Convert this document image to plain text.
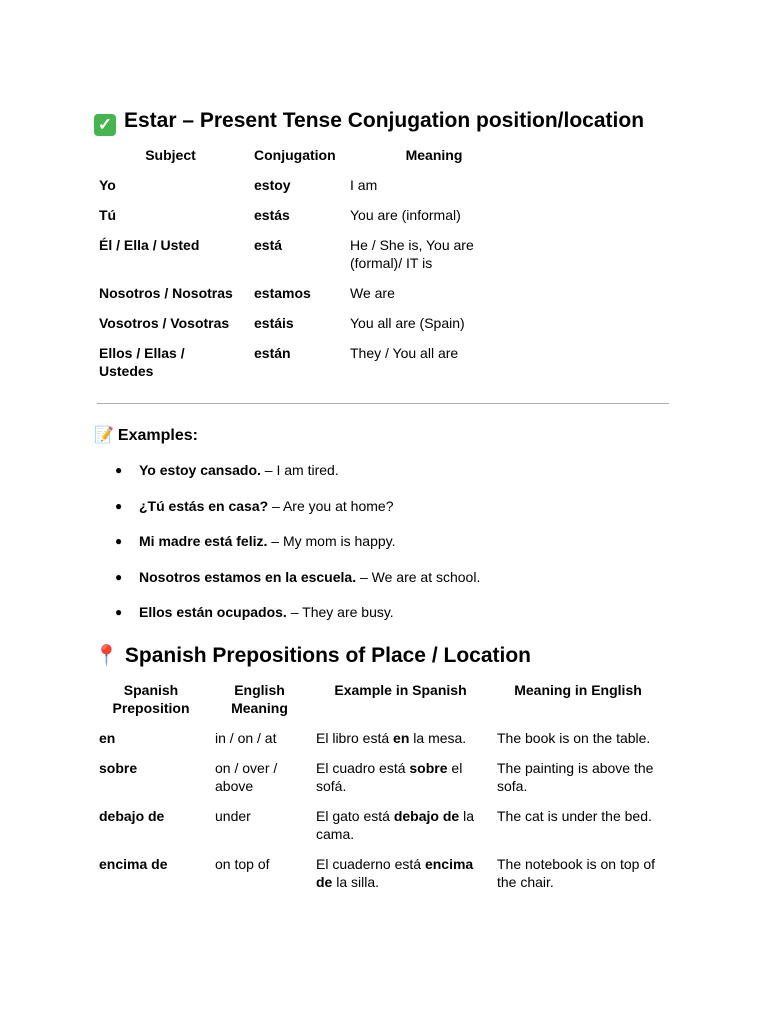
✓ Estar – Present Tense Conjugation position/location
Subject	Conjugation	Meaning
Yo	estoy	I am
Tú	estás	You are (informal)
Él / Ella / Usted	está	He / She is, You are (formal)/ IT is
Nosotros / Nosotras	estamos	We are
Vosotros / Vosotras	estáis	You all are (Spain)
Ellos / Ellas / Ustedes	están	They / You all are
📝 Examples:
● Yo estoy cansado. – I am tired.
● ¿Tú estás en casa? – Are you at home?
● Mi madre está feliz. – My mom is happy.
● Nosotros estamos en la escuela. – We are at school.
● Ellos están ocupados. – They are busy.
📍 Spanish Prepositions of Place / Location
Spanish Preposition	English Meaning	Example in Spanish	Meaning in English
en	in / on / at	El libro está en la mesa.	The book is on the table.
sobre	on / over / above	El cuadro está sobre el sofá.	The painting is above the sofa.
debajo de	under	El gato está debajo de la cama.	The cat is under the bed.
encima de	on top of	El cuaderno está encima de la silla.	The notebook is on top of the chair.
